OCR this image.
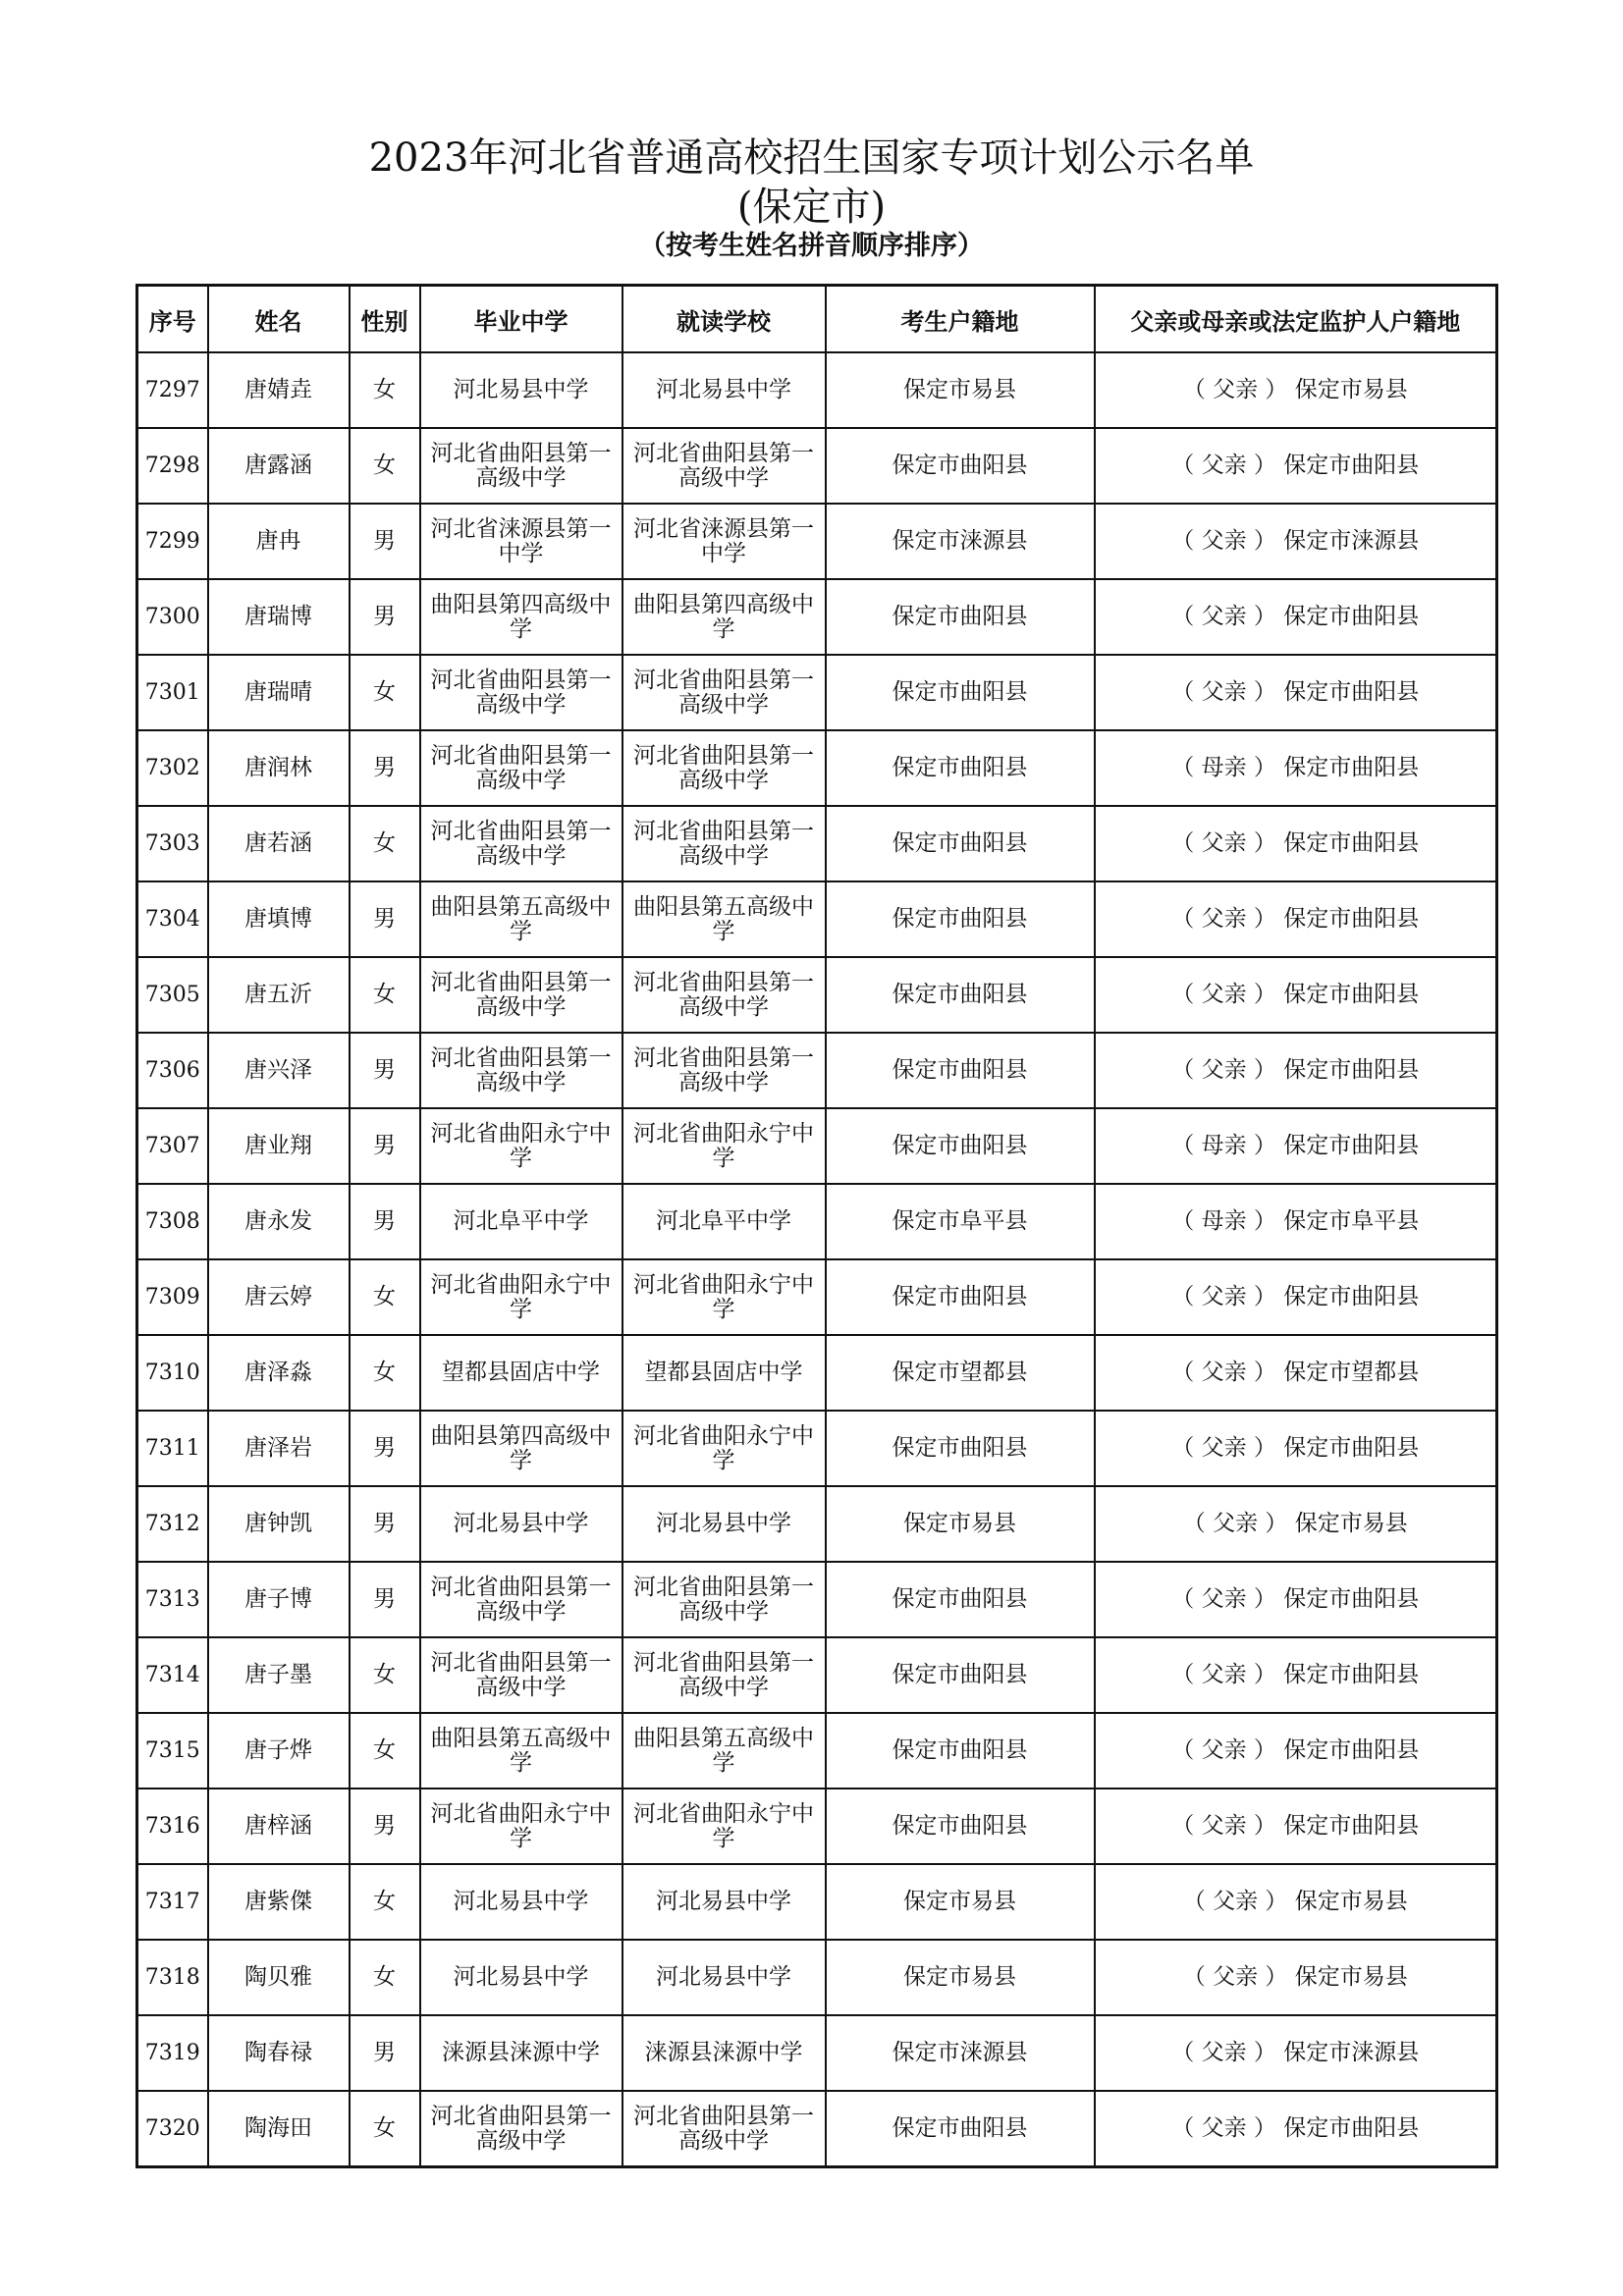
2023年河北省普通高校招生国家专项计划公示名单
(保定市)
（按考生姓名拼音顺序排序）
序号	姓名	性别	毕业中学	就读学校	考生户籍地	父亲或母亲或法定监护人户籍地
7297	唐婧垚	女	河北易县中学	河北易县中学	保定市易县	（ 父亲 ） 保定市易县
7298	唐露涵	女	河北省曲阳县第一高级中学	河北省曲阳县第一高级中学	保定市曲阳县	（ 父亲 ） 保定市曲阳县
7299	唐冉	男	河北省涞源县第一中学	河北省涞源县第一中学	保定市涞源县	（ 父亲 ） 保定市涞源县
7300	唐瑞博	男	曲阳县第四高级中学	曲阳县第四高级中学	保定市曲阳县	（ 父亲 ） 保定市曲阳县
7301	唐瑞晴	女	河北省曲阳县第一高级中学	河北省曲阳县第一高级中学	保定市曲阳县	（ 父亲 ） 保定市曲阳县
7302	唐润林	男	河北省曲阳县第一高级中学	河北省曲阳县第一高级中学	保定市曲阳县	（ 母亲 ） 保定市曲阳县
7303	唐若涵	女	河北省曲阳县第一高级中学	河北省曲阳县第一高级中学	保定市曲阳县	（ 父亲 ） 保定市曲阳县
7304	唐填博	男	曲阳县第五高级中学	曲阳县第五高级中学	保定市曲阳县	（ 父亲 ） 保定市曲阳县
7305	唐五沂	女	河北省曲阳县第一高级中学	河北省曲阳县第一高级中学	保定市曲阳县	（ 父亲 ） 保定市曲阳县
7306	唐兴泽	男	河北省曲阳县第一高级中学	河北省曲阳县第一高级中学	保定市曲阳县	（ 父亲 ） 保定市曲阳县
7307	唐业翔	男	河北省曲阳永宁中学	河北省曲阳永宁中学	保定市曲阳县	（ 母亲 ） 保定市曲阳县
7308	唐永发	男	河北阜平中学	河北阜平中学	保定市阜平县	（ 母亲 ） 保定市阜平县
7309	唐云婷	女	河北省曲阳永宁中学	河北省曲阳永宁中学	保定市曲阳县	（ 父亲 ） 保定市曲阳县
7310	唐泽淼	女	望都县固店中学	望都县固店中学	保定市望都县	（ 父亲 ） 保定市望都县
7311	唐泽岩	男	曲阳县第四高级中学	河北省曲阳永宁中学	保定市曲阳县	（ 父亲 ） 保定市曲阳县
7312	唐钟凯	男	河北易县中学	河北易县中学	保定市易县	（ 父亲 ） 保定市易县
7313	唐子博	男	河北省曲阳县第一高级中学	河北省曲阳县第一高级中学	保定市曲阳县	（ 父亲 ） 保定市曲阳县
7314	唐子墨	女	河北省曲阳县第一高级中学	河北省曲阳县第一高级中学	保定市曲阳县	（ 父亲 ） 保定市曲阳县
7315	唐子烨	女	曲阳县第五高级中学	曲阳县第五高级中学	保定市曲阳县	（ 父亲 ） 保定市曲阳县
7316	唐梓涵	男	河北省曲阳永宁中学	河北省曲阳永宁中学	保定市曲阳县	（ 父亲 ） 保定市曲阳县
7317	唐紫傑	女	河北易县中学	河北易县中学	保定市易县	（ 父亲 ） 保定市易县
7318	陶贝雅	女	河北易县中学	河北易县中学	保定市易县	（ 父亲 ） 保定市易县
7319	陶春禄	男	涞源县涞源中学	涞源县涞源中学	保定市涞源县	（ 父亲 ） 保定市涞源县
7320	陶海田	女	河北省曲阳县第一高级中学	河北省曲阳县第一高级中学	保定市曲阳县	（ 父亲 ） 保定市曲阳县
